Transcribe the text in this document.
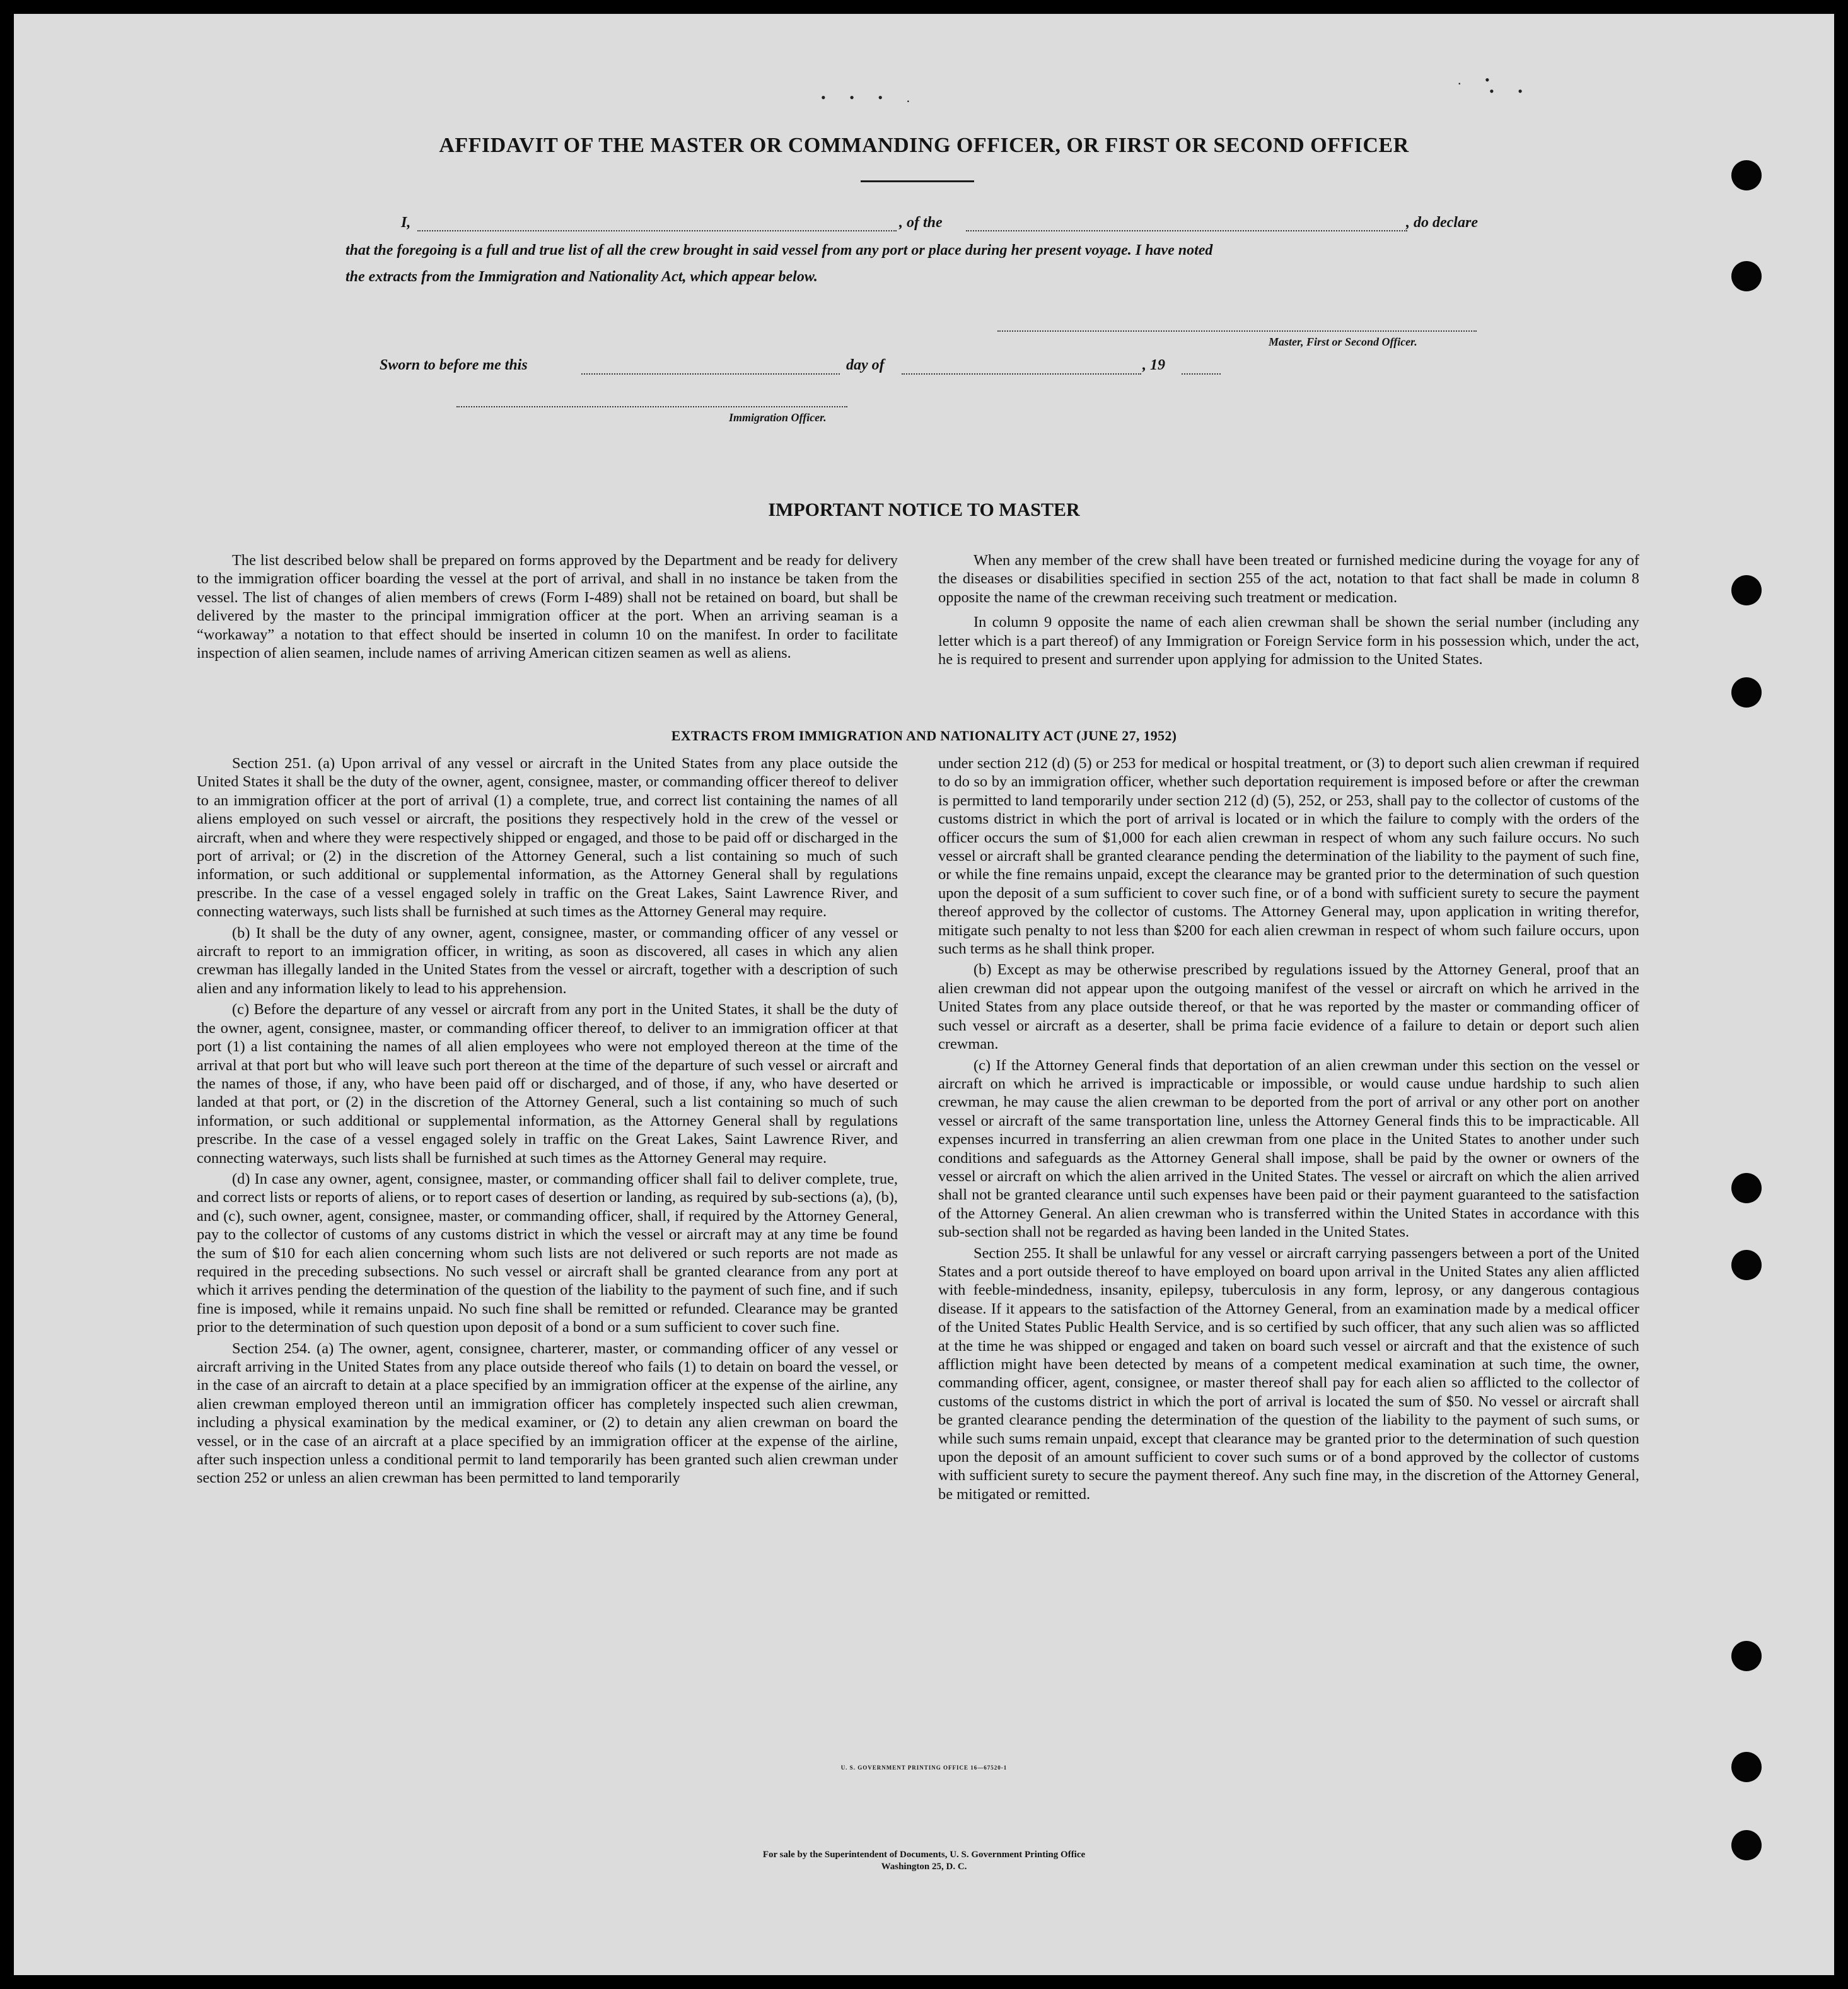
• • • .
. •
• •
AFFIDAVIT OF THE MASTER OR COMMANDING OFFICER, OR FIRST OR SECOND OFFICER
I,	, of the	, do declare
that the foregoing is a full and true list of all the crew brought in said vessel from any port or place during her present voyage. I have noted
the extracts from the Immigration and Nationality Act, which appear below.
Master, First or Second Officer.
Sworn to before me this	day of	, 19
Immigration Officer.
IMPORTANT NOTICE TO MASTER

The list described below shall be prepared on forms approved by the Department and be ready for delivery to the immigration officer boarding the vessel at the port of arrival, and shall in no instance be taken from the vessel. The list of changes of alien members of crews (Form I-489) shall not be retained on board, but shall be delivered by the master to the principal immigration officer at the port. When an arriving seaman is a “workaway” a notation to that effect should be inserted in column 10 on the manifest. In order to facilitate inspection of alien seamen, include names of arriving American citizen seamen as well as aliens.

When any member of the crew shall have been treated or furnished medicine during the voyage for any of the diseases or disabilities specified in section 255 of the act, notation to that fact shall be made in column 8 opposite the name of the crewman receiving such treatment or medication.

In column 9 opposite the name of each alien crewman shall be shown the serial number (including any letter which is a part thereof) of any Immigration or Foreign Service form in his possession which, under the act, he is required to present and surrender upon applying for admission to the United States.

EXTRACTS FROM IMMIGRATION AND NATIONALITY ACT (JUNE 27, 1952)

Section 251. (a) Upon arrival of any vessel or aircraft in the United States from any place outside the United States it shall be the duty of the owner, agent, consignee, master, or commanding officer thereof to deliver to an immigration officer at the port of arrival (1) a complete, true, and correct list containing the names of all aliens employed on such vessel or aircraft, the positions they respectively hold in the crew of the vessel or aircraft, when and where they were respectively shipped or engaged, and those to be paid off or discharged in the port of arrival; or (2) in the discretion of the Attorney General, such a list containing so much of such information, or such additional or supplemental information, as the Attorney General shall by regulations prescribe. In the case of a vessel engaged solely in traffic on the Great Lakes, Saint Lawrence River, and connecting waterways, such lists shall be furnished at such times as the Attorney General may require.

(b) It shall be the duty of any owner, agent, consignee, master, or commanding officer of any vessel or aircraft to report to an immigration officer, in writing, as soon as discovered, all cases in which any alien crewman has illegally landed in the United States from the vessel or aircraft, together with a description of such alien and any information likely to lead to his apprehension.

(c) Before the departure of any vessel or aircraft from any port in the United States, it shall be the duty of the owner, agent, consignee, master, or commanding officer thereof, to deliver to an immigration officer at that port (1) a list containing the names of all alien employees who were not employed thereon at the time of the arrival at that port but who will leave such port thereon at the time of the departure of such vessel or aircraft and the names of those, if any, who have been paid off or discharged, and of those, if any, who have deserted or landed at that port, or (2) in the discretion of the Attorney General, such a list containing so much of such information, or such additional or supplemental information, as the Attorney General shall by regulations prescribe. In the case of a vessel engaged solely in traffic on the Great Lakes, Saint Lawrence River, and connecting waterways, such lists shall be furnished at such times as the Attorney General may require.

(d) In case any owner, agent, consignee, master, or commanding officer shall fail to deliver complete, true, and correct lists or reports of aliens, or to report cases of desertion or landing, as required by sub-sections (a), (b), and (c), such owner, agent, consignee, master, or commanding officer, shall, if required by the Attorney General, pay to the collector of customs of any customs district in which the vessel or aircraft may at any time be found the sum of $10 for each alien concerning whom such lists are not delivered or such reports are not made as required in the preceding subsections. No such vessel or aircraft shall be granted clearance from any port at which it arrives pending the determination of the question of the liability to the payment of such fine, and if such fine is imposed, while it remains unpaid. No such fine shall be remitted or refunded. Clearance may be granted prior to the determination of such question upon deposit of a bond or a sum sufficient to cover such fine.

Section 254. (a) The owner, agent, consignee, charterer, master, or commanding officer of any vessel or aircraft arriving in the United States from any place outside thereof who fails (1) to detain on board the vessel, or in the case of an aircraft to detain at a place specified by an immigration officer at the expense of the airline, any alien crewman employed thereon until an immigration officer has completely inspected such alien crewman, including a physical examination by the medical examiner, or (2) to detain any alien crewman on board the vessel, or in the case of an aircraft at a place specified by an immigration officer at the expense of the airline, after such inspection unless a conditional permit to land temporarily has been granted such alien crewman under section 252 or unless an alien crewman has been permitted to land temporarily

under section 212 (d) (5) or 253 for medical or hospital treatment, or (3) to deport such alien crewman if required to do so by an immigration officer, whether such deportation requirement is imposed before or after the crewman is permitted to land temporarily under section 212 (d) (5), 252, or 253, shall pay to the collector of customs of the customs district in which the port of arrival is located or in which the failure to comply with the orders of the officer occurs the sum of $1,000 for each alien crewman in respect of whom any such failure occurs. No such vessel or aircraft shall be granted clearance pending the determination of the liability to the payment of such fine, or while the fine remains unpaid, except the clearance may be granted prior to the determination of such question upon the deposit of a sum sufficient to cover such fine, or of a bond with sufficient surety to secure the payment thereof approved by the collector of customs. The Attorney General may, upon application in writing therefor, mitigate such penalty to not less than $200 for each alien crewman in respect of whom such failure occurs, upon such terms as he shall think proper.

(b) Except as may be otherwise prescribed by regulations issued by the Attorney General, proof that an alien crewman did not appear upon the outgoing manifest of the vessel or aircraft on which he arrived in the United States from any place outside thereof, or that he was reported by the master or commanding officer of such vessel or aircraft as a deserter, shall be prima facie evidence of a failure to detain or deport such alien crewman.

(c) If the Attorney General finds that deportation of an alien crewman under this section on the vessel or aircraft on which he arrived is impracticable or impossible, or would cause undue hardship to such alien crewman, he may cause the alien crewman to be deported from the port of arrival or any other port on another vessel or aircraft of the same transportation line, unless the Attorney General finds this to be impracticable. All expenses incurred in transferring an alien crewman from one place in the United States to another under such conditions and safeguards as the Attorney General shall impose, shall be paid by the owner or owners of the vessel or aircraft on which the alien arrived in the United States. The vessel or aircraft on which the alien arrived shall not be granted clearance until such expenses have been paid or their payment guaranteed to the satisfaction of the Attorney General. An alien crewman who is transferred within the United States in accordance with this sub-section shall not be regarded as having been landed in the United States.

Section 255. It shall be unlawful for any vessel or aircraft carrying passengers between a port of the United States and a port outside thereof to have employed on board upon arrival in the United States any alien afflicted with feeble-mindedness, insanity, epilepsy, tuberculosis in any form, leprosy, or any dangerous contagious disease. If it appears to the satisfaction of the Attorney General, from an examination made by a medical officer of the United States Public Health Service, and is so certified by such officer, that any such alien was so afflicted at the time he was shipped or engaged and taken on board such vessel or aircraft and that the existence of such affliction might have been detected by means of a competent medical examination at such time, the owner, commanding officer, agent, consignee, or master thereof shall pay for each alien so afflicted to the collector of customs of the customs district in which the port of arrival is located the sum of $50. No vessel or aircraft shall be granted clearance pending the determination of the question of the liability to the payment of such sums, or while such sums remain unpaid, except that clearance may be granted prior to the determination of such question upon the deposit of an amount sufficient to cover such sums or of a bond approved by the collector of customs with sufficient surety to secure the payment thereof. Any such fine may, in the discretion of the Attorney General, be mitigated or remitted.

U. S. GOVERNMENT PRINTING OFFICE 16—67520-1
For sale by the Superintendent of Documents, U. S. Government Printing Office
Washington 25, D. C.
